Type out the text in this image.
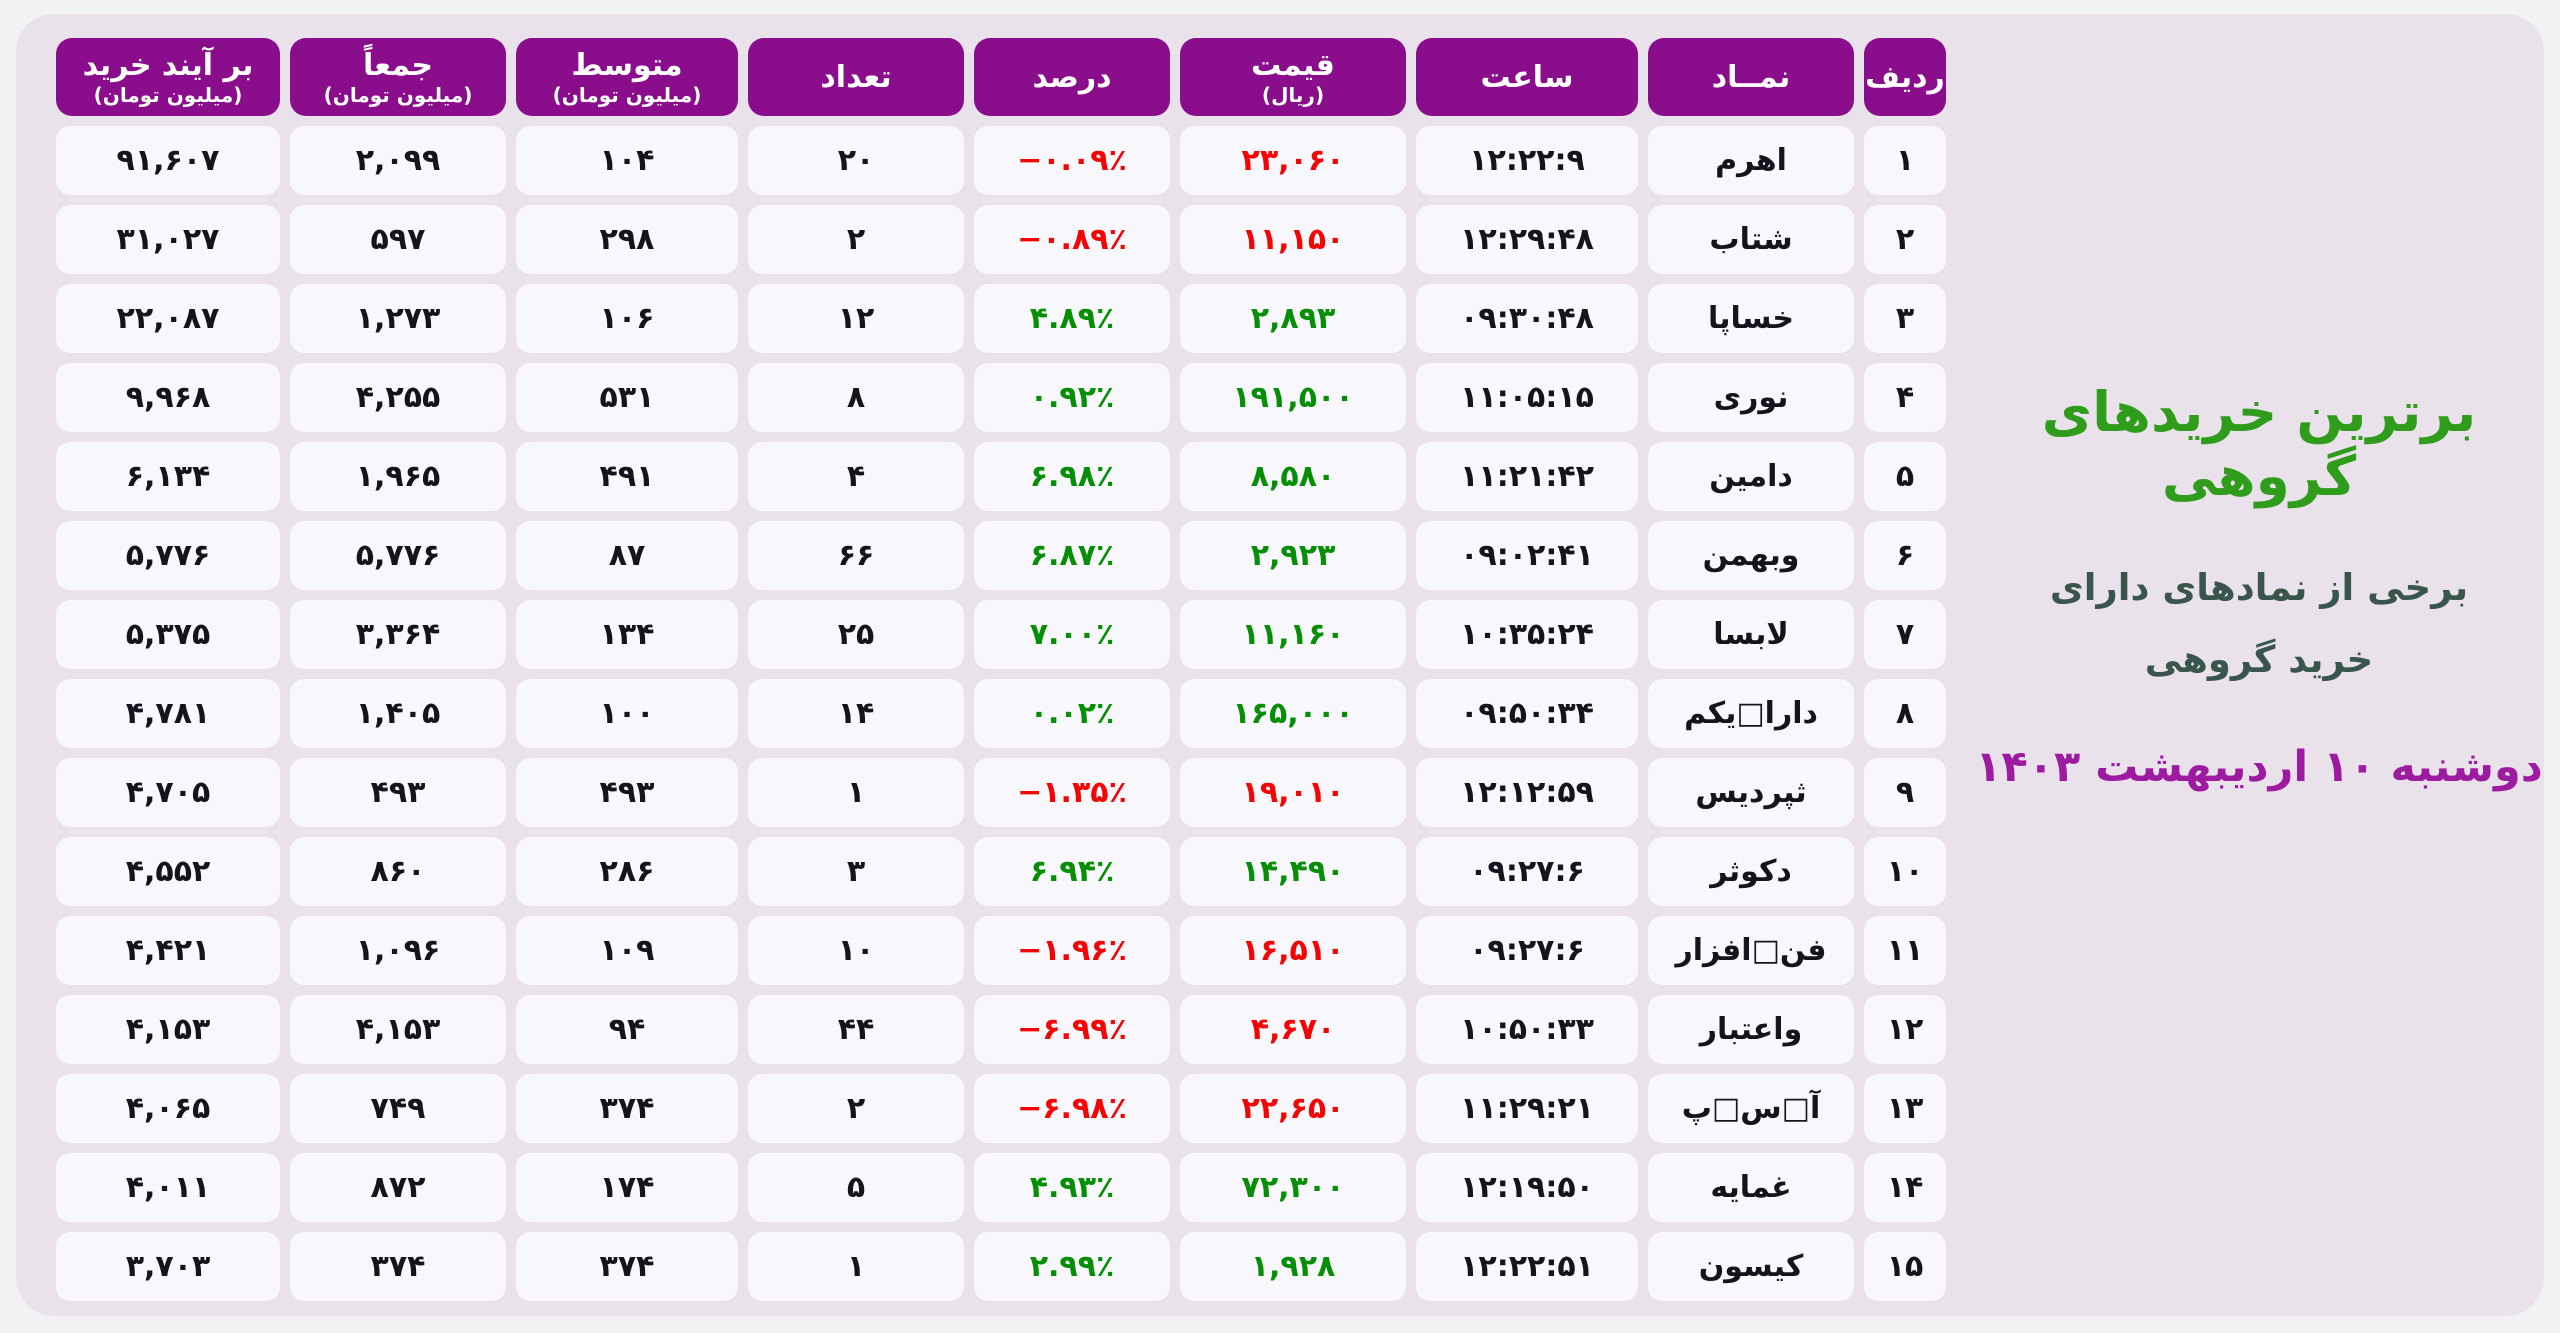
ردیف
نمــاد
ساعت
قیمت
(ریال)
درصد
تعداد
متوسط
(میلیون تومان)
جمعاً
(میلیون تومان)
بر آیند خرید
(میلیون تومان)
۱
اهرم
۱۲:۲۲:۹
۲۳,۰۶۰
−۰.۰۹٪
۲۰
۱۰۴
۲,۰۹۹
۹۱,۶۰۷
۲
شتاب
۱۲:۲۹:۴۸
۱۱,۱۵۰
−۰.۸۹٪
۲
۲۹۸
۵۹۷
۳۱,۰۲۷
۳
خساپا
۰۹:۳۰:۴۸
۲,۸۹۳
۴.۸۹٪
۱۲
۱۰۶
۱,۲۷۳
۲۲,۰۸۷
۴
نوری
۱۱:۰۵:۱۵
۱۹۱,۵۰۰
۰.۹۲٪
۸
۵۳۱
۴,۲۵۵
۹,۹۶۸
۵
دامین
۱۱:۲۱:۴۲
۸,۵۸۰
۶.۹۸٪
۴
۴۹۱
۱,۹۶۵
۶,۱۳۴
۶
وبهمن
۰۹:۰۲:۴۱
۲,۹۲۳
۶.۸۷٪
۶۶
۸۷
۵,۷۷۶
۵,۷۷۶
۷
لابسا
۱۰:۳۵:۲۴
۱۱,۱۶۰
۷.۰۰٪
۲۵
۱۳۴
۳,۳۶۴
۵,۳۷۵
۸
دارا□یکم
۰۹:۵۰:۳۴
۱۶۵,۰۰۰
۰.۰۲٪
۱۴
۱۰۰
۱,۴۰۵
۴,۷۸۱
۹
ثپردیس
۱۲:۱۲:۵۹
۱۹,۰۱۰
−۱.۳۵٪
۱
۴۹۳
۴۹۳
۴,۷۰۵
۱۰
دکوثر
۰۹:۲۷:۶
۱۴,۴۹۰
۶.۹۴٪
۳
۲۸۶
۸۶۰
۴,۵۵۲
۱۱
فن□افزار
۰۹:۲۷:۶
۱۶,۵۱۰
−۱.۹۶٪
۱۰
۱۰۹
۱,۰۹۶
۴,۴۲۱
۱۲
واعتبار
۱۰:۵۰:۳۳
۴,۶۷۰
−۶.۹۹٪
۴۴
۹۴
۴,۱۵۳
۴,۱۵۳
۱۳
آ□س□پ
۱۱:۲۹:۲۱
۲۲,۶۵۰
−۶.۹۸٪
۲
۳۷۴
۷۴۹
۴,۰۶۵
۱۴
غمایه
۱۲:۱۹:۵۰
۷۲,۳۰۰
۴.۹۳٪
۵
۱۷۴
۸۷۲
۴,۰۱۱
۱۵
کیسون
۱۲:۲۲:۵۱
۱,۹۲۸
۲.۹۹٪
۱
۳۷۴
۳۷۴
۳,۷۰۳
برترین خریدهای گروهی
برخی از نمادهای دارای
خرید گروهی
دوشنبه ۱۰ اردیبهشت ۱۴۰۳
